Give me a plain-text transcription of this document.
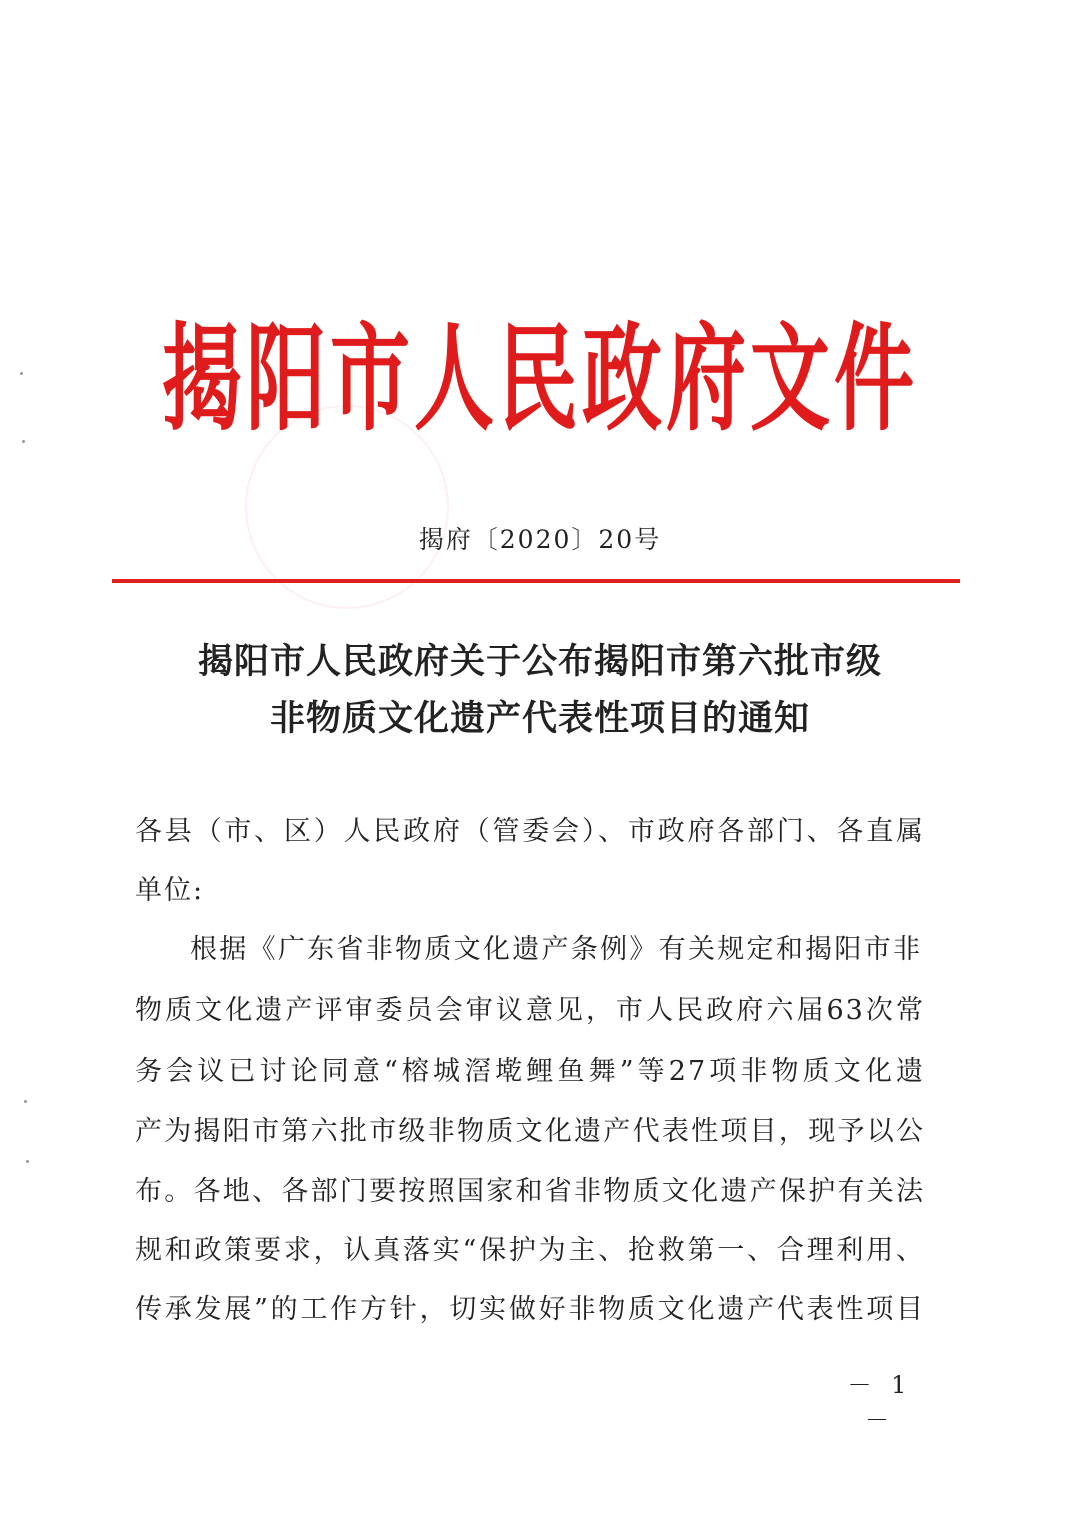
揭阳市人民政府文件
揭府〔2020〕20号
揭阳市人民政府关于公布揭阳市第六批市级
非物质文化遗产代表性项目的通知
各县（市、区）人民政府（管委会）、市政府各部门、各直属
单位:
根据《广东省非物质文化遗产条例》有关规定和揭阳市非
物质文化遗产评审委员会审议意见，市人民政府六届63次常
务会议已讨论同意“榕城滘墘鲤鱼舞”等27项非物质文化遗
产为揭阳市第六批市级非物质文化遗产代表性项目，现予以公
布。各地、各部门要按照国家和省非物质文化遗产保护有关法
规和政策要求，认真落实“保护为主、抢救第一、合理利用、
传承发展”的工作方针，切实做好非物质文化遗产代表性项目
－ 1 －
